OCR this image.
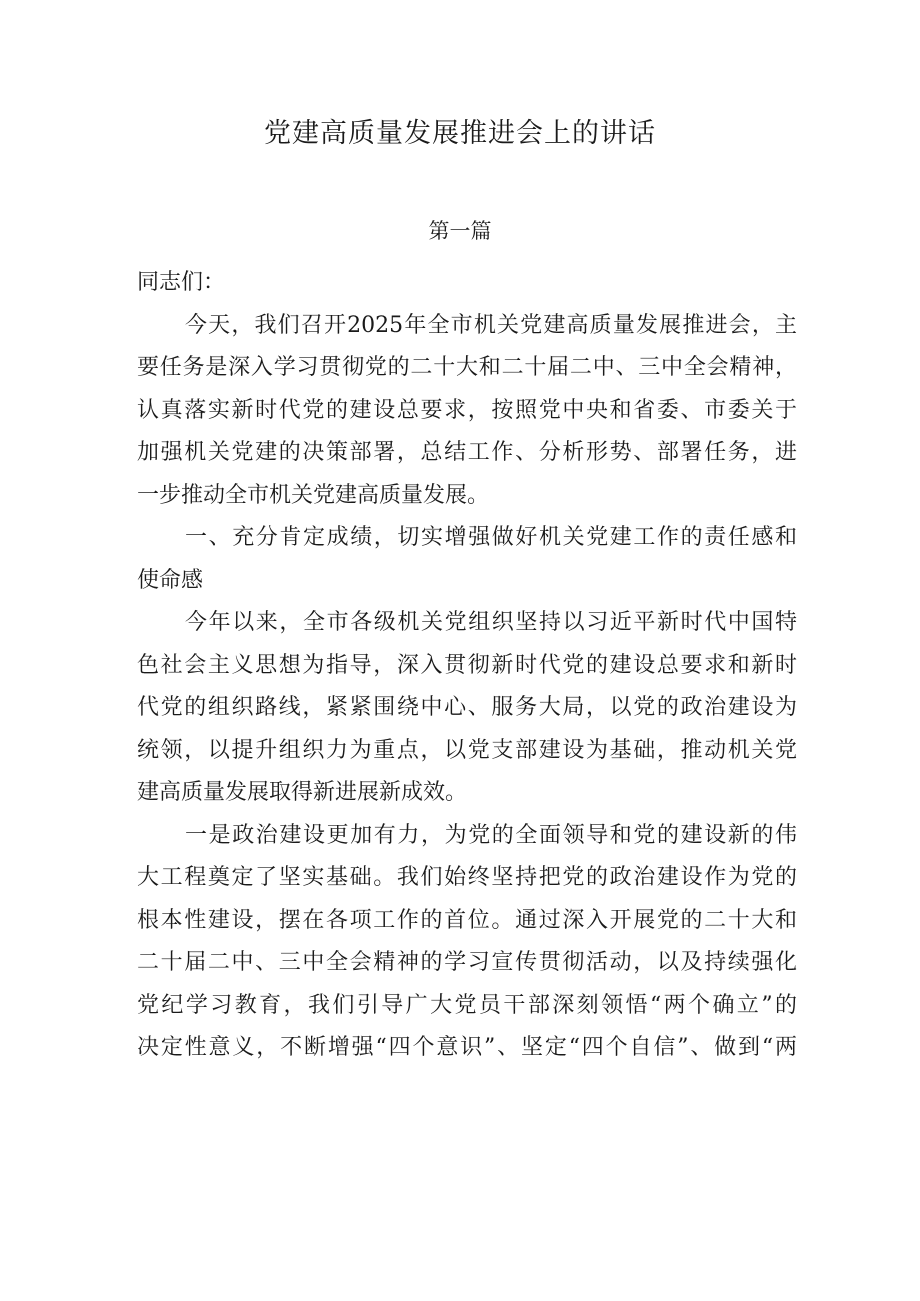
党建高质量发展推进会上的讲话
第一篇
同志们：
今天，我们召开2025年全市机关党建高质量发展推进会，主
要任务是深入学习贯彻党的二十大和二十届二中、三中全会精神，
认真落实新时代党的建设总要求，按照党中央和省委、市委关于
加强机关党建的决策部署，总结工作、分析形势、部署任务，进
一步推动全市机关党建高质量发展。
一、充分肯定成绩，切实增强做好机关党建工作的责任感和
使命感
今年以来，全市各级机关党组织坚持以习近平新时代中国特
色社会主义思想为指导，深入贯彻新时代党的建设总要求和新时
代党的组织路线，紧紧围绕中心、服务大局，以党的政治建设为
统领，以提升组织力为重点，以党支部建设为基础，推动机关党
建高质量发展取得新进展新成效。
一是政治建设更加有力，为党的全面领导和党的建设新的伟
大工程奠定了坚实基础。我们始终坚持把党的政治建设作为党的
根本性建设，摆在各项工作的首位。通过深入开展党的二十大和
二十届二中、三中全会精神的学习宣传贯彻活动，以及持续强化
党纪学习教育，我们引导广大党员干部深刻领悟“两个确立”的
决定性意义，不断增强“四个意识”、坚定“四个自信”、做到“两
